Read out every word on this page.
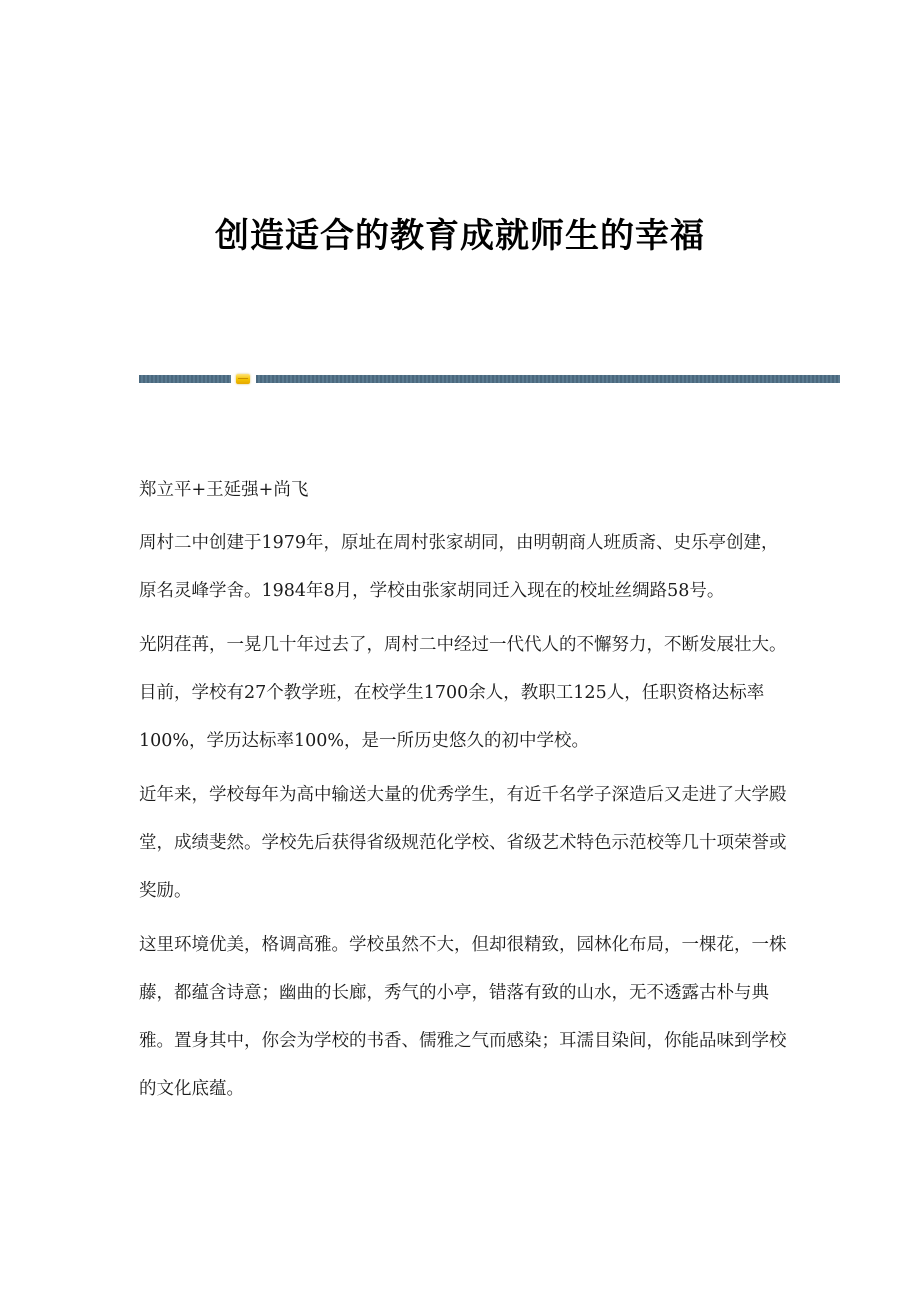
创造适合的教育成就师生的幸福

郑立平+王延强+尚飞

周村二中创建于1979年，原址在周村张家胡同，由明朝商人班质斋、史乐亭创建，原名灵峰学舍。1984年8月，学校由张家胡同迁入现在的校址丝绸路58号。

光阴荏苒，一晃几十年过去了，周村二中经过一代代人的不懈努力，不断发展壮大。目前，学校有27个教学班，在校学生1700余人，教职工125人，任职资格达标率100%，学历达标率100%，是一所历史悠久的初中学校。

近年来，学校每年为高中输送大量的优秀学生，有近千名学子深造后又走进了大学殿堂，成绩斐然。学校先后获得省级规范化学校、省级艺术特色示范校等几十项荣誉或奖励。

这里环境优美，格调高雅。学校虽然不大，但却很精致，园林化布局，一棵花，一株藤，都蕴含诗意；幽曲的长廊，秀气的小亭，错落有致的山水，无不透露古朴与典雅。置身其中，你会为学校的书香、儒雅之气而感染；耳濡目染间，你能品味到学校的文化底蕴。
